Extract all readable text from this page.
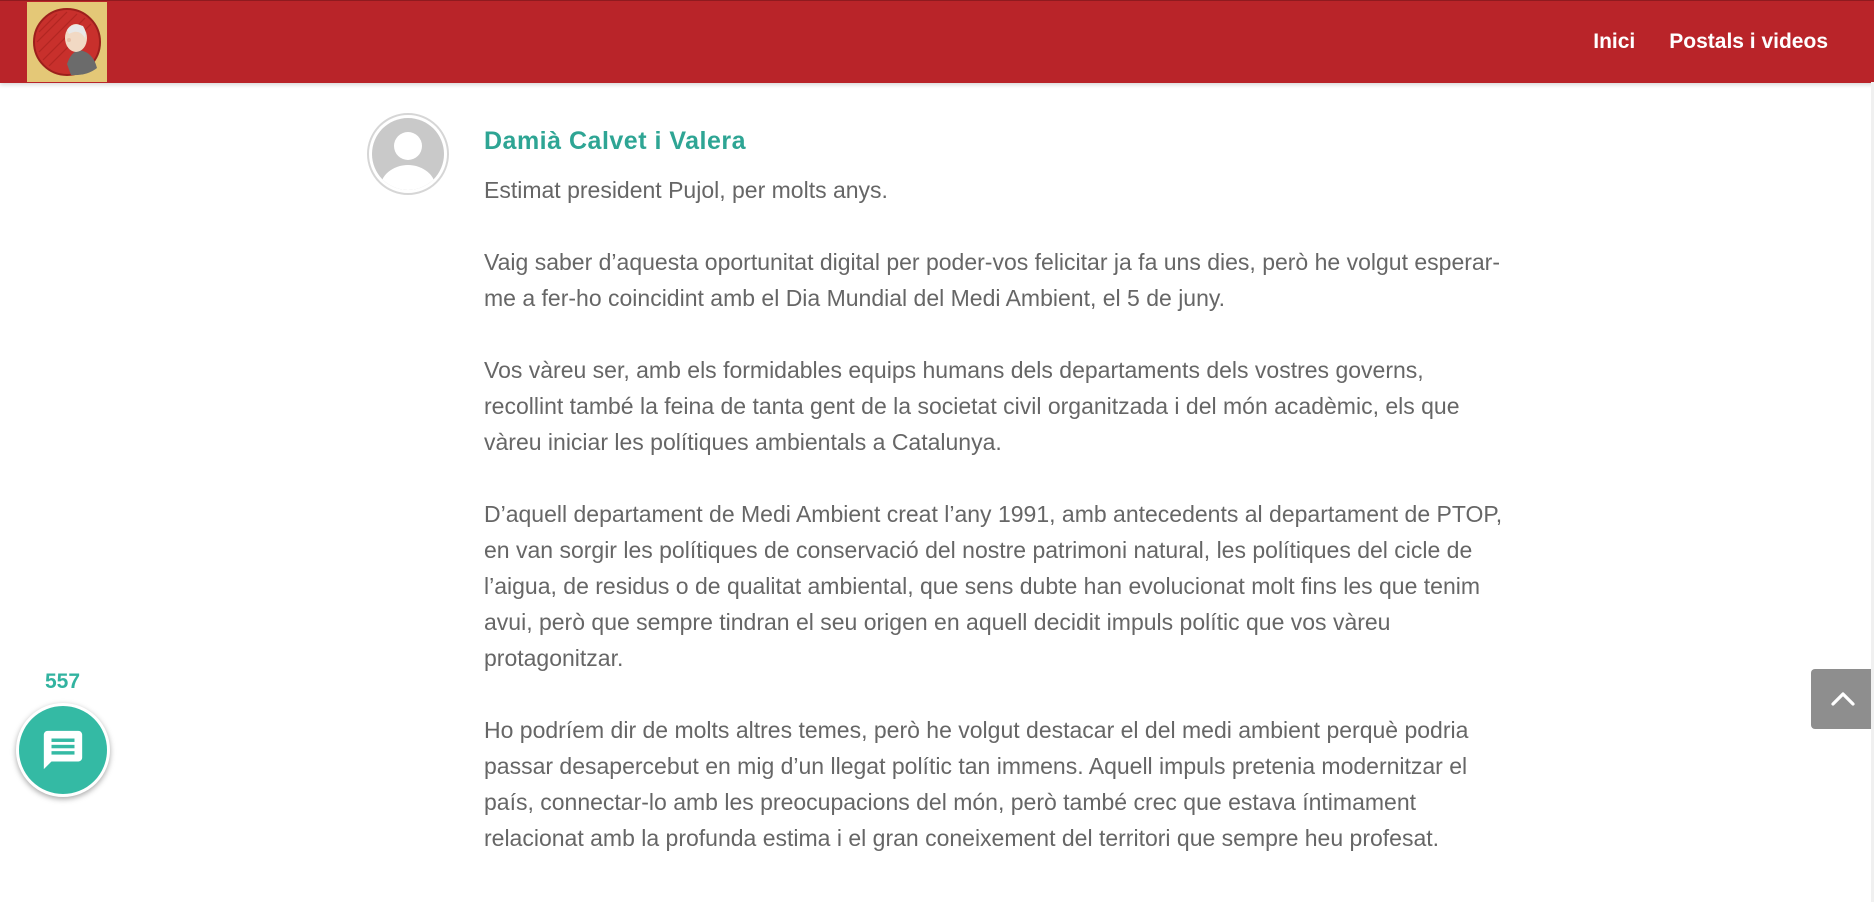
Inici Postals i videos
Damià Calvet i Valera

Estimat president Pujol, per molts anys.

Vaig saber d’aquesta oportunitat digital per poder-vos felicitar ja fa uns dies, però he volgut esperar-me a fer-ho coincidint amb el Dia Mundial del Medi Ambient, el 5 de juny.

Vos vàreu ser, amb els formidables equips humans dels departaments dels vostres governs, recollint també la feina de tanta gent de la societat civil organitzada i del món acadèmic, els que vàreu iniciar les polítiques ambientals a Catalunya.

D’aquell departament de Medi Ambient creat l’any 1991, amb antecedents al departament de PTOP, en van sorgir les polítiques de conservació del nostre patrimoni natural, les polítiques del cicle de l’aigua, de residus o de qualitat ambiental, que sens dubte han evolucionat molt fins les que tenim avui, però que sempre tindran el seu origen en aquell decidit impuls polític que vos vàreu protagonitzar.

Ho podríem dir de molts altres temes, però he volgut destacar el del medi ambient perquè podria passar desapercebut en mig d’un llegat polític tan immens. Aquell impuls pretenia modernitzar el país, connectar-lo amb les preocupacions del món, però també crec que estava íntimament relacionat amb la profunda estima i el gran coneixement del territori que sempre heu profesat.

557
